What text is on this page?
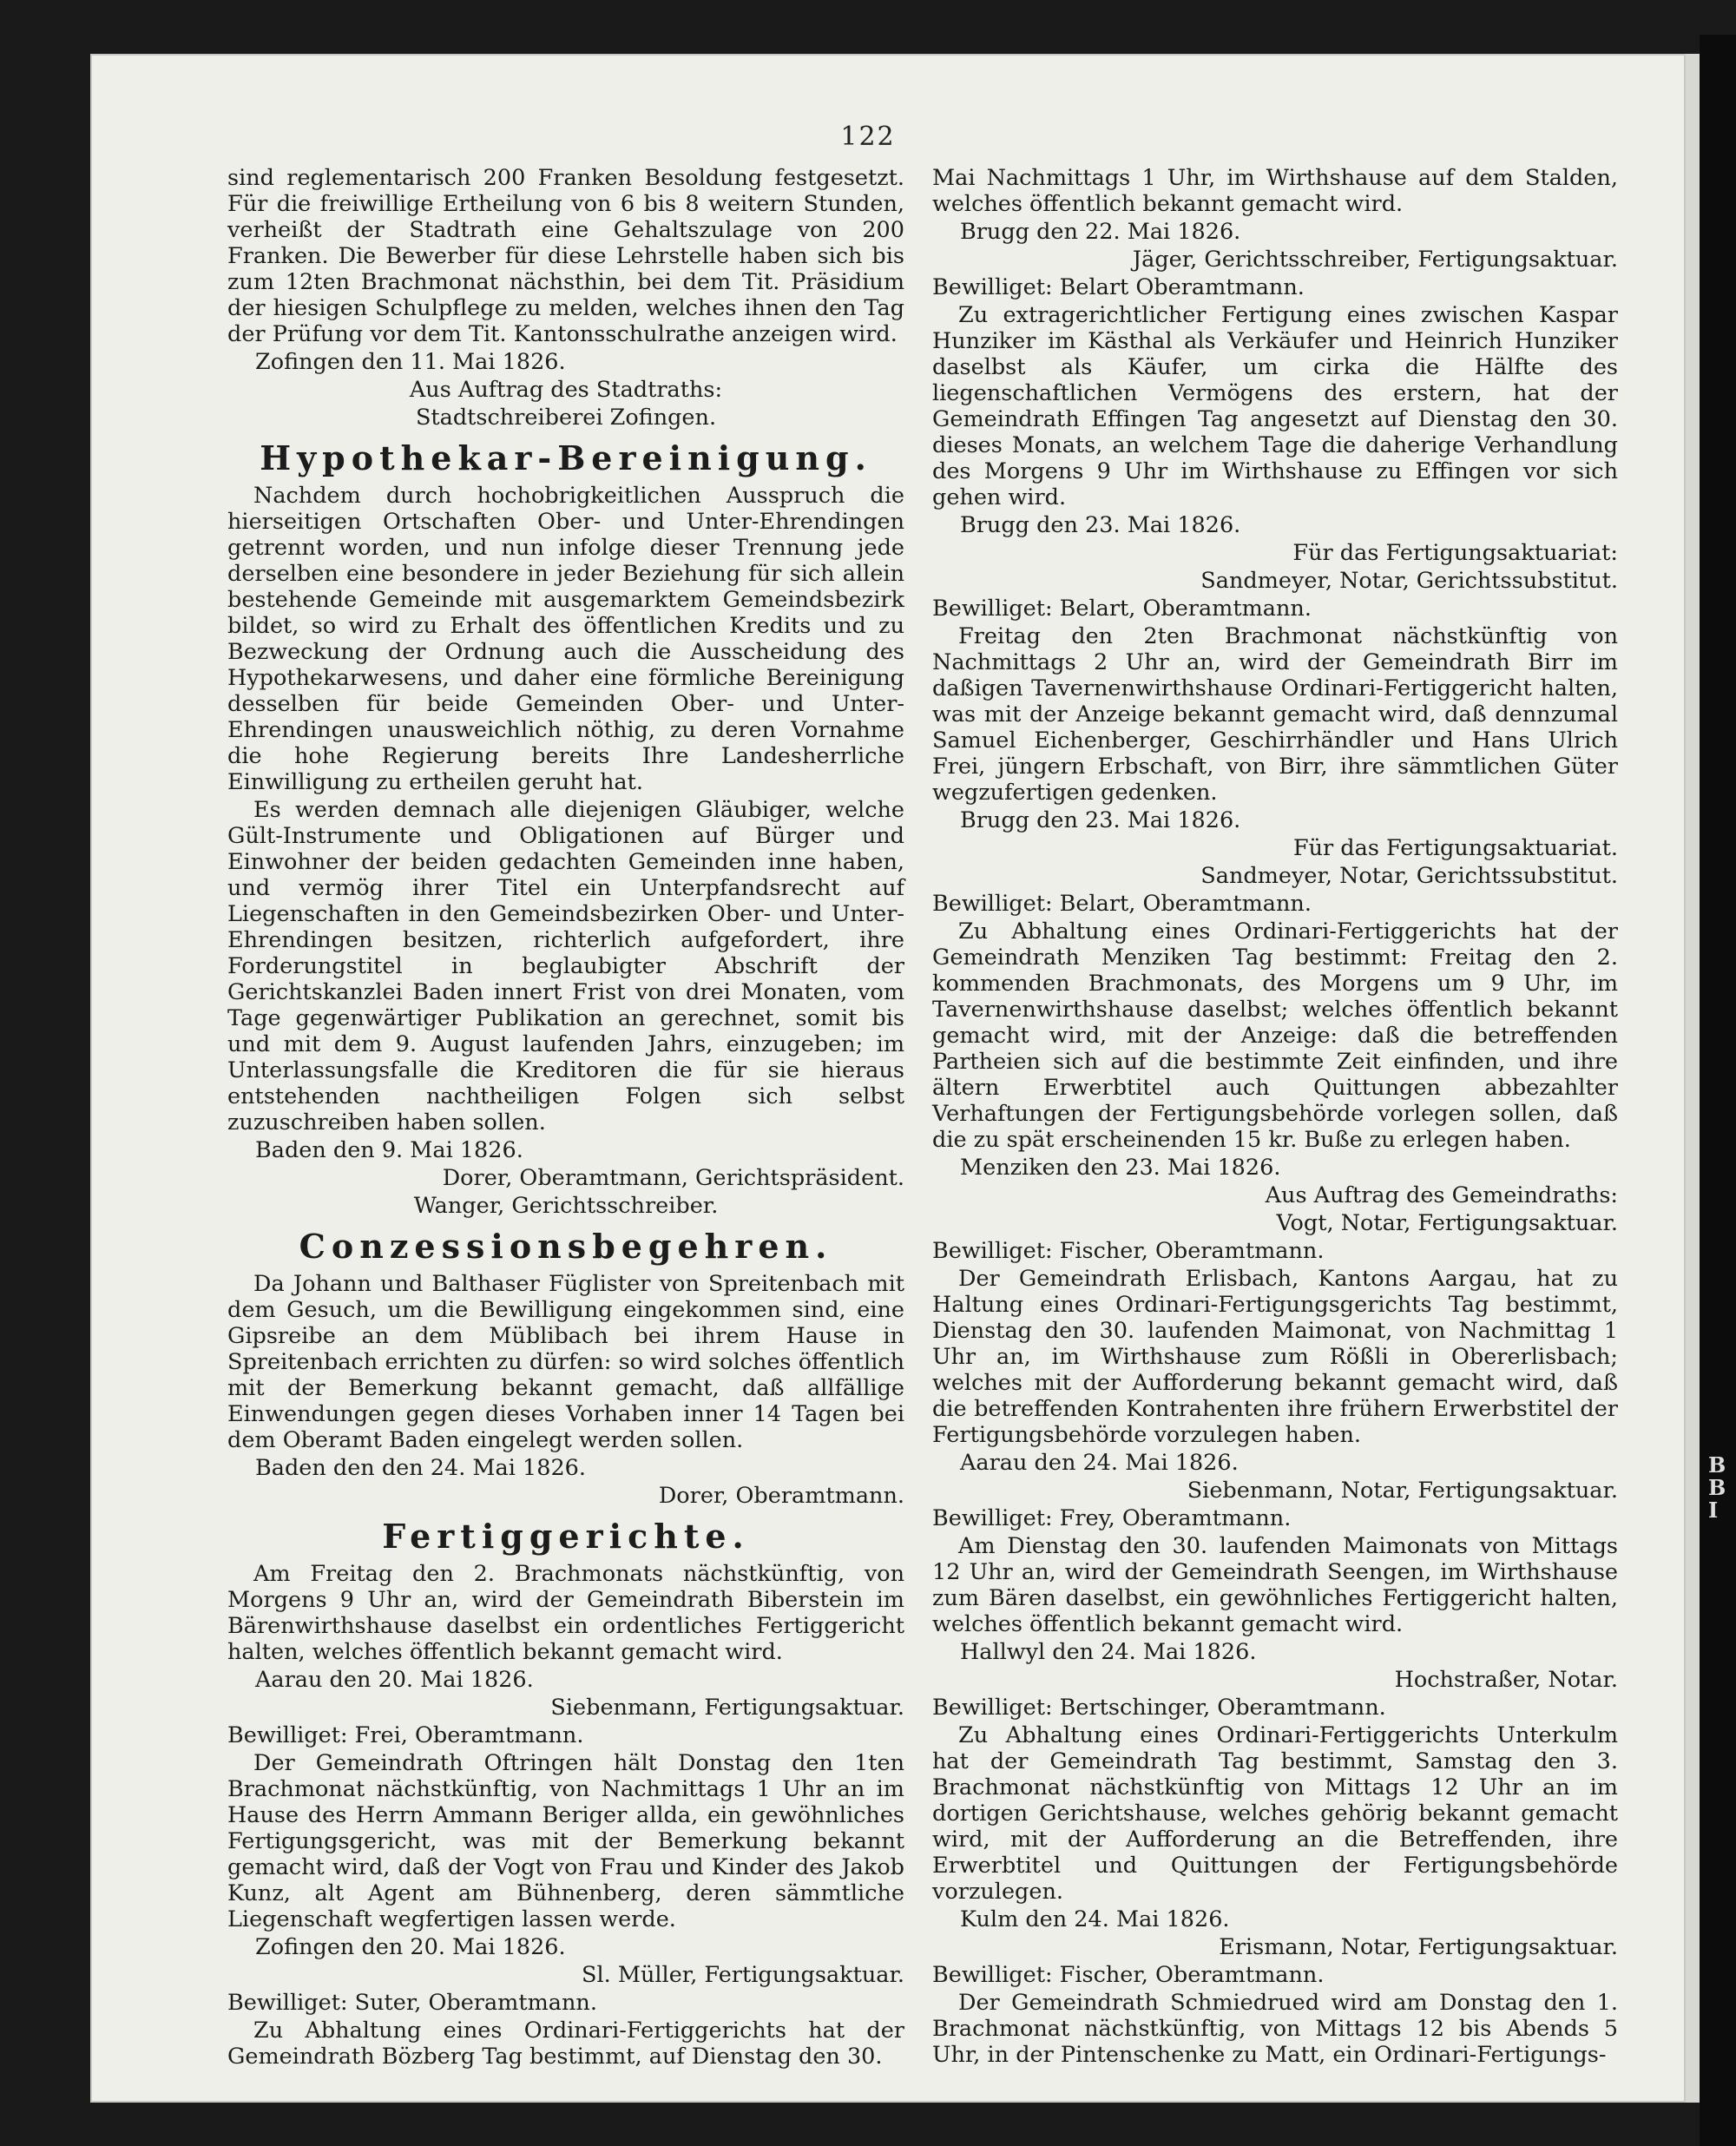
B
B
I
122
sind reglementarisch 200 Franken Besoldung festgesetzt. Für die freiwillige Ertheilung von 6 bis 8 weitern Stunden, verheißt der Stadtrath eine Gehaltszulage von 200 Franken. Die Bewerber für diese Lehrstelle haben sich bis zum 12ten Brachmonat nächsthin, bei dem Tit. Präsidium der hiesigen Schulpflege zu melden, welches ihnen den Tag der Prüfung vor dem Tit. Kantonsschulrathe anzeigen wird.
Zofingen den 11. Mai 1826.
Aus Auftrag des Stadtraths:
Stadtschreiberei Zofingen.
Hypothekar-Bereinigung.
Nachdem durch hochobrigkeitlichen Ausspruch die hierseitigen Ortschaften Ober- und Unter-Ehrendingen getrennt worden, und nun infolge dieser Trennung jede derselben eine besondere in jeder Beziehung für sich allein bestehende Gemeinde mit ausgemarktem Gemeindsbezirk bildet, so wird zu Erhalt des öffentlichen Kredits und zu Bezweckung der Ordnung auch die Ausscheidung des Hypothekarwesens, und daher eine förmliche Bereinigung desselben für beide Gemeinden Ober- und Unter-Ehrendingen unausweichlich nöthig, zu deren Vornahme die hohe Regierung bereits Ihre Landesherrliche Einwilligung zu ertheilen geruht hat.
Es werden demnach alle diejenigen Gläubiger, welche Gült-Instrumente und Obligationen auf Bürger und Einwohner der beiden gedachten Gemeinden inne haben, und vermög ihrer Titel ein Unterpfandsrecht auf Liegenschaften in den Gemeindsbezirken Ober- und Unter-Ehrendingen besitzen, richterlich aufgefordert, ihre Forderungstitel in beglaubigter Abschrift der Gerichtskanzlei Baden innert Frist von drei Monaten, vom Tage gegenwärtiger Publikation an gerechnet, somit bis und mit dem 9. August laufenden Jahrs, einzugeben; im Unterlassungsfalle die Kreditoren die für sie hieraus entstehenden nachtheiligen Folgen sich selbst zuzuschreiben haben sollen.
Baden den 9. Mai 1826.
Dorer, Oberamtmann, Gerichtspräsident.
Wanger, Gerichtsschreiber.
Conzessionsbegehren.
Da Johann und Balthaser Füglister von Spreitenbach mit dem Gesuch, um die Bewilligung eingekommen sind, eine Gipsreibe an dem Müblibach bei ihrem Hause in Spreitenbach errichten zu dürfen: so wird solches öffentlich mit der Bemerkung bekannt gemacht, daß allfällige Einwendungen gegen dieses Vorhaben inner 14 Tagen bei dem Oberamt Baden eingelegt werden sollen.
Baden den den 24. Mai 1826.
Dorer, Oberamtmann.
Fertiggerichte.
Am Freitag den 2. Brachmonats nächstkünftig, von Morgens 9 Uhr an, wird der Gemeindrath Biberstein im Bärenwirthshause daselbst ein ordentliches Fertiggericht halten, welches öffentlich bekannt gemacht wird.
Aarau den 20. Mai 1826.
Siebenmann, Fertigungsaktuar.
Bewilliget: Frei, Oberamtmann.
Der Gemeindrath Oftringen hält Donstag den 1ten Brachmonat nächstkünftig, von Nachmittags 1 Uhr an im Hause des Herrn Ammann Beriger allda, ein gewöhnliches Fertigungsgericht, was mit der Bemerkung bekannt gemacht wird, daß der Vogt von Frau und Kinder des Jakob Kunz, alt Agent am Bühnenberg, deren sämmtliche Liegenschaft wegfertigen lassen werde.
Zofingen den 20. Mai 1826.
Sl. Müller, Fertigungsaktuar.
Bewilliget: Suter, Oberamtmann.
Zu Abhaltung eines Ordinari-Fertiggerichts hat der Gemeindrath Bözberg Tag bestimmt, auf Dienstag den 30.
Mai Nachmittags 1 Uhr, im Wirthshause auf dem Stalden, welches öffentlich bekannt gemacht wird.
Brugg den 22. Mai 1826.
Jäger, Gerichtsschreiber, Fertigungsaktuar.
Bewilliget: Belart Oberamtmann.
Zu extragerichtlicher Fertigung eines zwischen Kaspar Hunziker im Kästhal als Verkäufer und Heinrich Hunziker daselbst als Käufer, um cirka die Hälfte des liegenschaftlichen Vermögens des erstern, hat der Gemeindrath Effingen Tag angesetzt auf Dienstag den 30. dieses Monats, an welchem Tage die daherige Verhandlung des Morgens 9 Uhr im Wirthshause zu Effingen vor sich gehen wird.
Brugg den 23. Mai 1826.
Für das Fertigungsaktuariat:
Sandmeyer, Notar, Gerichtssubstitut.
Bewilliget: Belart, Oberamtmann.
Freitag den 2ten Brachmonat nächstkünftig von Nachmittags 2 Uhr an, wird der Gemeindrath Birr im daßigen Tavernenwirthshause Ordinari-Fertiggericht halten, was mit der Anzeige bekannt gemacht wird, daß dennzumal Samuel Eichenberger, Geschirrhändler und Hans Ulrich Frei, jüngern Erbschaft, von Birr, ihre sämmtlichen Güter wegzufertigen gedenken.
Brugg den 23. Mai 1826.
Für das Fertigungsaktuariat.
Sandmeyer, Notar, Gerichtssubstitut.
Bewilliget: Belart, Oberamtmann.
Zu Abhaltung eines Ordinari-Fertiggerichts hat der Gemeindrath Menziken Tag bestimmt: Freitag den 2. kommenden Brachmonats, des Morgens um 9 Uhr, im Tavernenwirthshause daselbst; welches öffentlich bekannt gemacht wird, mit der Anzeige: daß die betreffenden Partheien sich auf die bestimmte Zeit einfinden, und ihre ältern Erwerbtitel auch Quittungen abbezahlter Verhaftungen der Fertigungsbehörde vorlegen sollen, daß die zu spät erscheinenden 15 kr. Buße zu erlegen haben.
Menziken den 23. Mai 1826.
Aus Auftrag des Gemeindraths:
Vogt, Notar, Fertigungsaktuar.
Bewilliget: Fischer, Oberamtmann.
Der Gemeindrath Erlisbach, Kantons Aargau, hat zu Haltung eines Ordinari-Fertigungsgerichts Tag bestimmt, Dienstag den 30. laufenden Maimonat, von Nachmittag 1 Uhr an, im Wirthshause zum Rößli in Obererlisbach; welches mit der Aufforderung bekannt gemacht wird, daß die betreffenden Kontrahenten ihre frühern Erwerbstitel der Fertigungsbehörde vorzulegen haben.
Aarau den 24. Mai 1826.
Siebenmann, Notar, Fertigungsaktuar.
Bewilliget: Frey, Oberamtmann.
Am Dienstag den 30. laufenden Maimonats von Mittags 12 Uhr an, wird der Gemeindrath Seengen, im Wirthshause zum Bären daselbst, ein gewöhnliches Fertiggericht halten, welches öffentlich bekannt gemacht wird.
Hallwyl den 24. Mai 1826.
Hochstraßer, Notar.
Bewilliget: Bertschinger, Oberamtmann.
Zu Abhaltung eines Ordinari-Fertiggerichts Unterkulm hat der Gemeindrath Tag bestimmt, Samstag den 3. Brachmonat nächstkünftig von Mittags 12 Uhr an im dortigen Gerichtshause, welches gehörig bekannt gemacht wird, mit der Aufforderung an die Betreffenden, ihre Erwerbtitel und Quittungen der Fertigungsbehörde vorzulegen.
Kulm den 24. Mai 1826.
Erismann, Notar, Fertigungsaktuar.
Bewilliget: Fischer, Oberamtmann.
Der Gemeindrath Schmiedrued wird am Donstag den 1. Brachmonat nächstkünftig, von Mittags 12 bis Abends 5 Uhr, in der Pintenschenke zu Matt, ein Ordinari-Fertigungs-
